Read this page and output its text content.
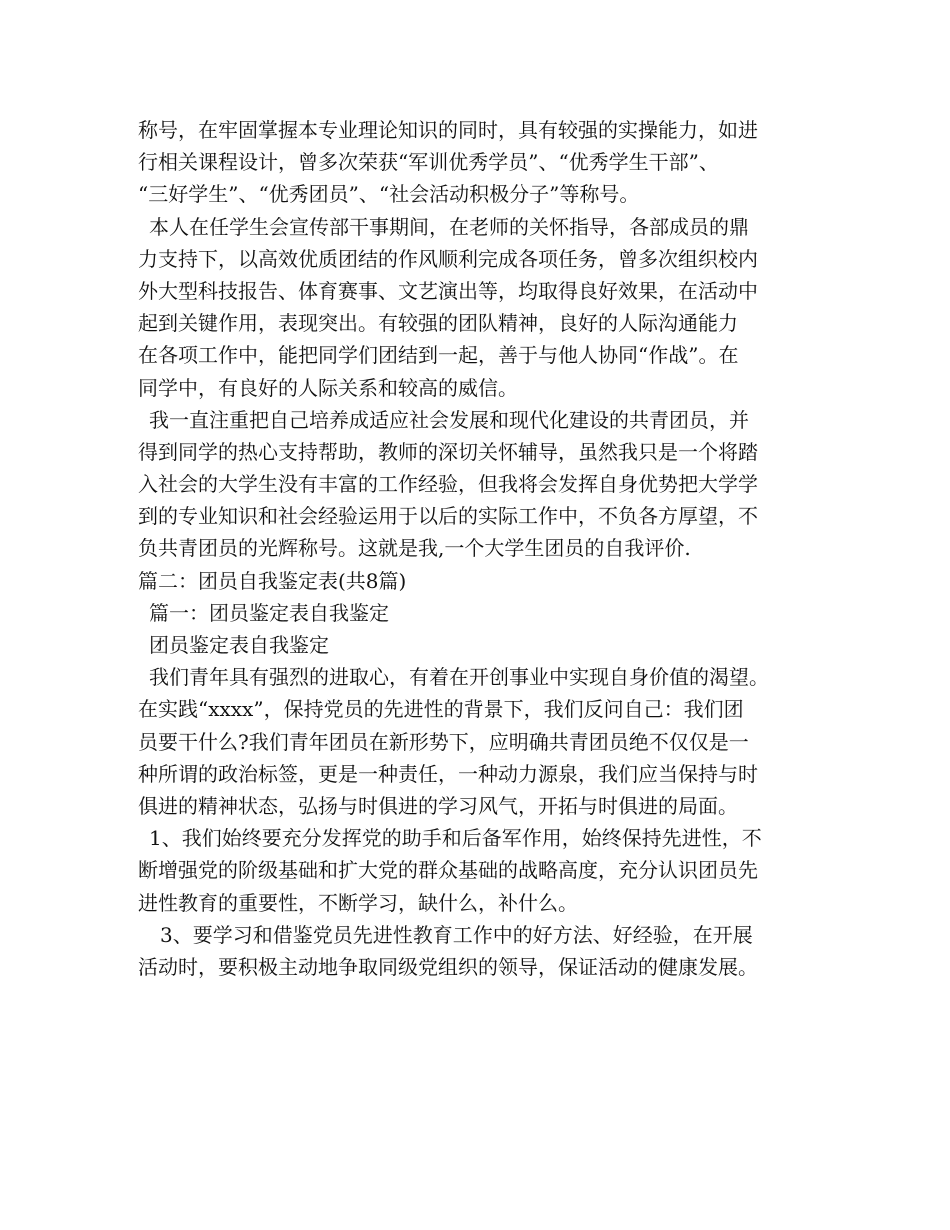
称号，在牢固掌握本专业理论知识的同时，具有较强的实操能力，如进
行相关课程设计，曾多次荣获“军训优秀学员”、“优秀学生干部”、
“三好学生”、“优秀团员”、“社会活动积极分子”等称号。
本人在任学生会宣传部干事期间，在老师的关怀指导，各部成员的鼎
力支持下，以高效优质团结的作风顺利完成各项任务，曾多次组织校内
外大型科技报告、体育赛事、文艺演出等，均取得良好效果，在活动中
起到关键作用，表现突出。有较强的团队精神，良好的人际沟通能力
在各项工作中，能把同学们团结到一起，善于与他人协同“作战”。在
同学中，有良好的人际关系和较高的威信。
我一直注重把自己培养成适应社会发展和现代化建设的共青团员，并
得到同学的热心支持帮助，教师的深切关怀辅导，虽然我只是一个将踏
入社会的大学生没有丰富的工作经验，但我将会发挥自身优势把大学学
到的专业知识和社会经验运用于以后的实际工作中，不负各方厚望，不
负共青团员的光辉称号。这就是我,一个大学生团员的自我评价.
篇二：团员自我鉴定表(共8篇)
篇一：团员鉴定表自我鉴定
团员鉴定表自我鉴定
我们青年具有强烈的进取心，有着在开创事业中实现自身价值的渴望。
在实践“xxxx”，保持党员的先进性的背景下，我们反问自己：我们团
员要干什么?我们青年团员在新形势下，应明确共青团员绝不仅仅是一
种所谓的政治标签，更是一种责任，一种动力源泉，我们应当保持与时
俱进的精神状态，弘扬与时俱进的学习风气，开拓与时俱进的局面。
1、我们始终要充分发挥党的助手和后备军作用，始终保持先进性，不
断增强党的阶级基础和扩大党的群众基础的战略高度，充分认识团员先
进性教育的重要性，不断学习，缺什么，补什么。
3、要学习和借鉴党员先进性教育工作中的好方法、好经验，在开展
活动时，要积极主动地争取同级党组织的领导，保证活动的健康发展。
